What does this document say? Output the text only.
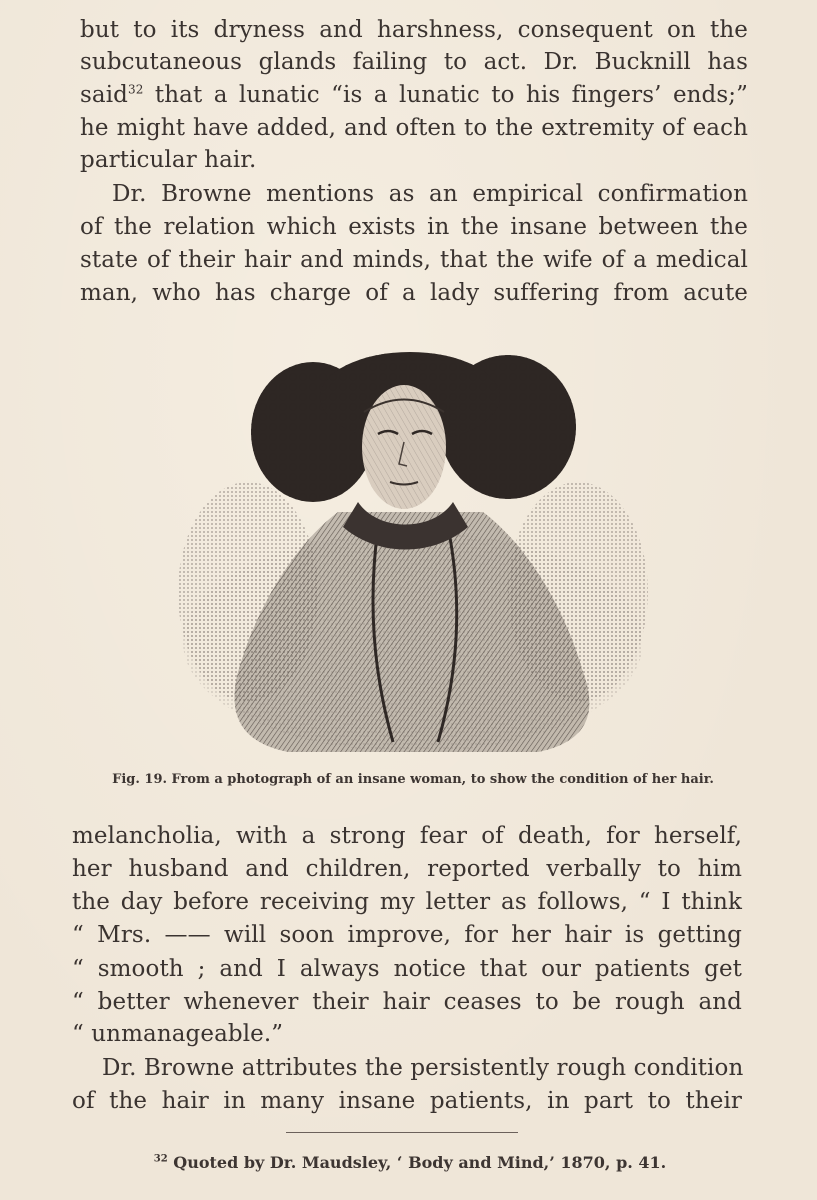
but to its dryness and harshness, consequent on the
subcutaneous glands failing to act. Dr. Bucknill has
said$^{32}$ that a lunatic “is a lunatic to his fingers’ ends;”
he might have added, and often to the extremity of each
particular hair.
Dr. Browne mentions as an empirical confirmation
of the relation which exists in the insane between the
state of their hair and minds, that the wife of a medical
man, who has charge of a lady suffering from acute
Fig. 19. From a photograph of an insane woman, to show the condition of her hair.
melancholia, with a strong fear of death, for herself,
her husband and children, reported verbally to him
the day before receiving my letter as follows, “ I think
“ Mrs. —— will soon improve, for her hair is getting
“ smooth ; and I always notice that our patients get
“ better whenever their hair ceases to be rough and
“ unmanageable.”
Dr. Browne attributes the persistently rough condition
of the hair in many insane patients, in part to their
$^{32}$ Quoted by Dr. Maudsley, ‘ Body and Mind,’ 1870, p. 41.
